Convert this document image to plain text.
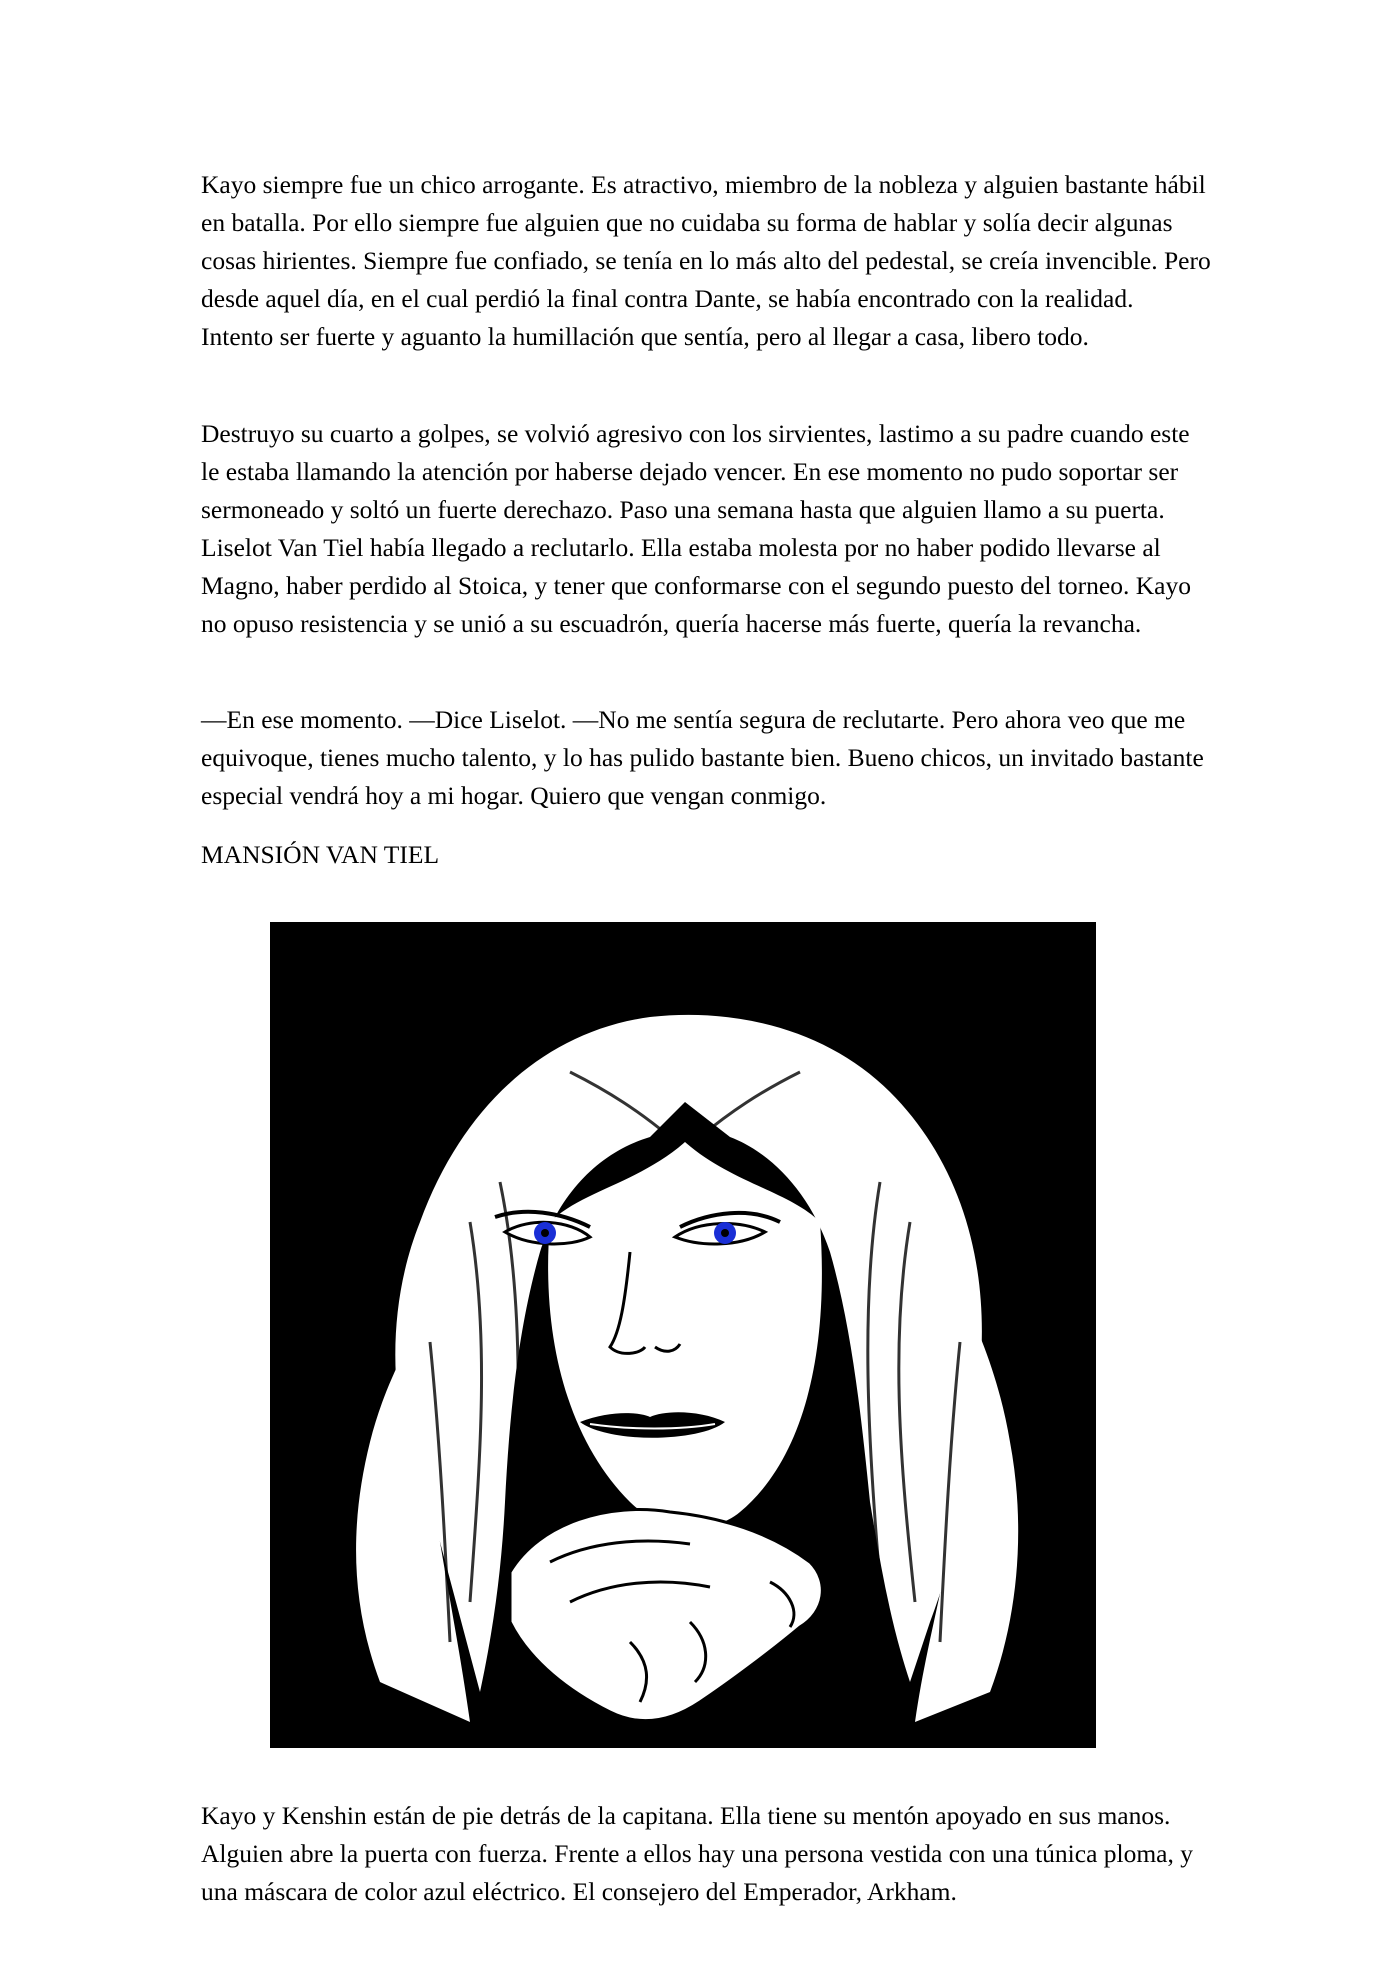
Kayo siempre fue un chico arrogante. Es atractivo, miembro de la nobleza y alguien bastante hábil en batalla. Por ello siempre fue alguien que no cuidaba su forma de hablar y solía decir algunas cosas hirientes. Siempre fue confiado, se tenía en lo más alto del pedestal, se creía invencible. Pero desde aquel día, en el cual perdió la final contra Dante, se había encontrado con la realidad. Intento ser fuerte y aguanto la humillación que sentía, pero al llegar a casa, libero todo.

Destruyo su cuarto a golpes, se volvió agresivo con los sirvientes, lastimo a su padre cuando este le estaba llamando la atención por haberse dejado vencer. En ese momento no pudo soportar ser sermoneado y soltó un fuerte derechazo. Paso una semana hasta que alguien llamo a su puerta. Liselot Van Tiel había llegado a reclutarlo. Ella estaba molesta por no haber podido llevarse al Magno, haber perdido al Stoica, y tener que conformarse con el segundo puesto del torneo. Kayo no opuso resistencia y se unió a su escuadrón, quería hacerse más fuerte, quería la revancha.

—En ese momento. —Dice Liselot. —No me sentía segura de reclutarte. Pero ahora veo que me equivoque, tienes mucho talento, y lo has pulido bastante bien. Bueno chicos, un invitado bastante especial vendrá hoy a mi hogar. Quiero que vengan conmigo.

MANSIÓN VAN TIEL

Kayo y Kenshin están de pie detrás de la capitana. Ella tiene su mentón apoyado en sus manos. Alguien abre la puerta con fuerza. Frente a ellos hay una persona vestida con una túnica ploma, y una máscara de color azul eléctrico. El consejero del Emperador, Arkham.
